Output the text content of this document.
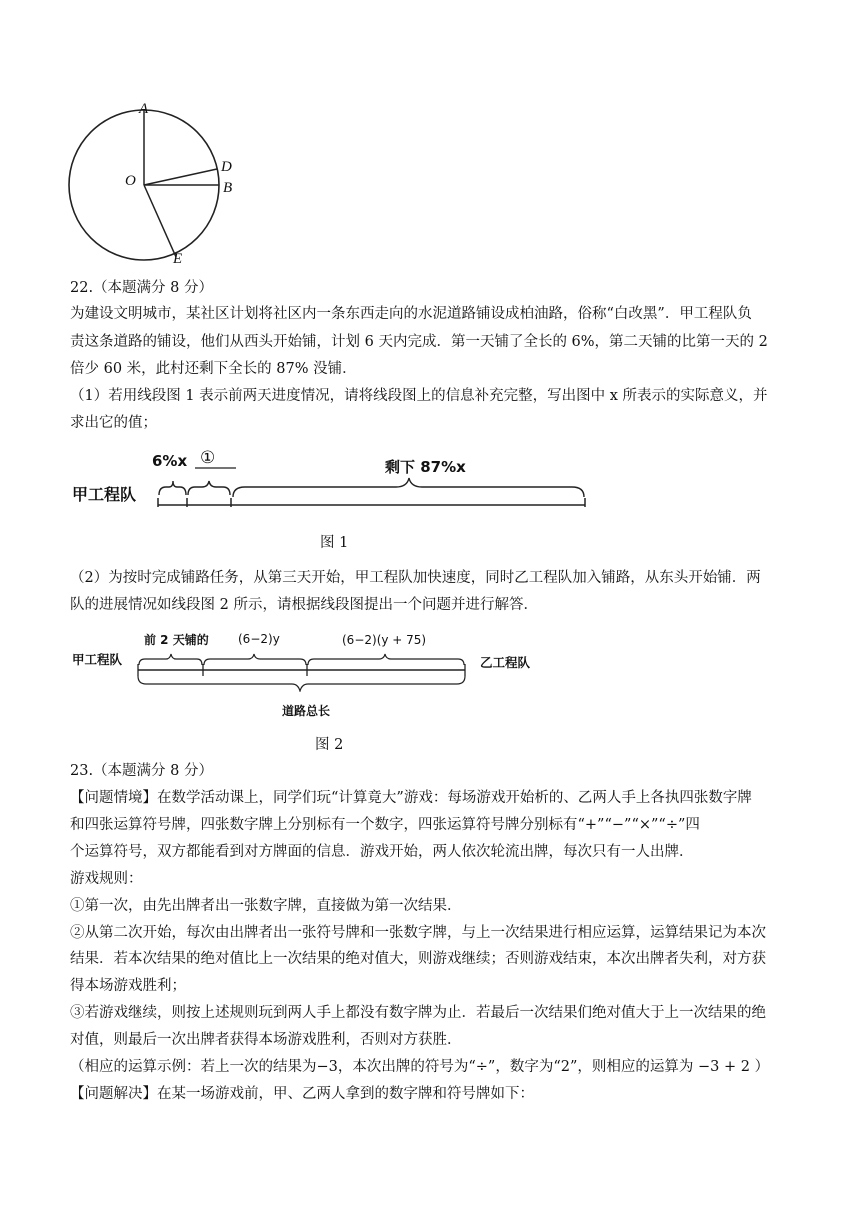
A
O
D
B
E
22.（本题满分 8 分）
为建设文明城市，某社区计划将社区内一条东西走向的水泥道路铺设成柏油路，俗称“白改黑”．甲工程队负
责这条道路的铺设，他们从西头开始铺，计划 6 天内完成．第一天铺了全长的 6%，第二天铺的比第一天的 2
倍少 60 米，此村还剩下全长的 87% 没铺．
（1）若用线段图 1 表示前两天进度情况，请将线段图上的信息补充完整，写出图中 x 所表示的实际意义，并
求出它的值；
甲工程队
6%x ①	剩下 87%x
图 1
（2）为按时完成铺路任务，从第三天开始，甲工程队加快速度，同时乙工程队加入铺路，从东头开始铺．两
队的进展情况如线段图 2 所示，请根据线段图提出一个问题并进行解答．
甲工程队	乙工程队
前 2 天铺的 (6−2)y	(6−2)(y + 75)
道路总长
图 2
23.（本题满分 8 分）
【问题情境】在数学活动课上，同学们玩“计算竟大”游戏：每场游戏开始析的、乙两人手上各执四张数字牌
和四张运算符号牌，四张数字牌上分别标有一个数字，四张运算符号牌分别标有“+”“−”“×”“÷”四
个运算符号，双方都能看到对方牌面的信息．游戏开始，两人依次轮流出牌，每次只有一人出牌．
游戏规则：
①第一次，由先出牌者出一张数字牌，直接做为第一次结果．
②从第二次开始，每次由出牌者出一张符号牌和一张数字牌，与上一次结果进行相应运算，运算结果记为本次
结果．若本次结果的绝对值比上一次结果的绝对值大，则游戏继续；否则游戏结束，本次出牌者失利，对方获
得本场游戏胜利；
③若游戏继续，则按上述规则玩到两人手上都没有数字牌为止．若最后一次结果们绝对值大于上一次结果的绝
对值，则最后一次出牌者获得本场游戏胜利，否则对方获胜．
（相应的运算示例：若上一次的结果为−3，本次出牌的符号为“÷”，数字为“2”，则相应的运算为 −3 + 2 ）
【问题解决】在某一场游戏前，甲、乙两人拿到的数字牌和符号牌如下：
